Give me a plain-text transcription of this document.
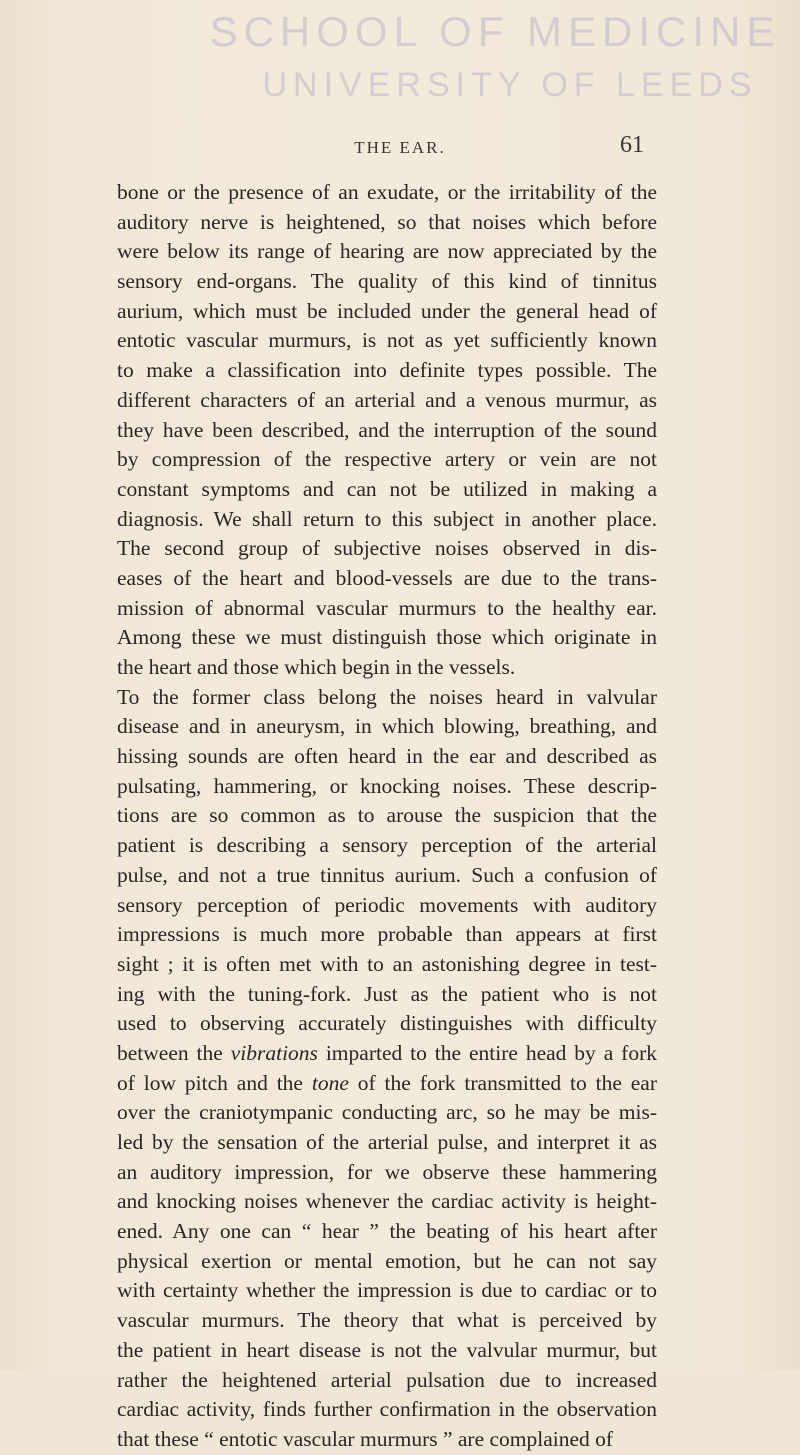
SCHOOL OF MEDICINE
UNIVERSITY OF LEEDS
THE EAR.	61
bone or the presence of an exudate, or the irritability of the
auditory nerve is heightened, so that noises which before
were below its range of hearing are now appreciated by the
sensory end-organs. The quality of this kind of tinnitus
aurium, which must be included under the general head of
entotic vascular murmurs, is not as yet sufficiently known
to make a classification into definite types possible. The
different characters of an arterial and a venous murmur, as
they have been described, and the interruption of the sound
by compression of the respective artery or vein are not
constant symptoms and can not be utilized in making a
diagnosis. We shall return to this subject in another place.
The second group of subjective noises observed in dis-
eases of the heart and blood-vessels are due to the trans-
mission of abnormal vascular murmurs to the healthy ear.
Among these we must distinguish those which originate in
the heart and those which begin in the vessels.
To the former class belong the noises heard in valvular
disease and in aneurysm, in which blowing, breathing, and
hissing sounds are often heard in the ear and described as
pulsating, hammering, or knocking noises. These descrip-
tions are so common as to arouse the suspicion that the
patient is describing a sensory perception of the arterial
pulse, and not a true tinnitus aurium. Such a confusion of
sensory perception of periodic movements with auditory
impressions is much more probable than appears at first
sight ; it is often met with to an astonishing degree in test-
ing with the tuning-fork. Just as the patient who is not
used to observing accurately distinguishes with difficulty
between the vibrations imparted to the entire head by a fork
of low pitch and the tone of the fork transmitted to the ear
over the craniotympanic conducting arc, so he may be mis-
led by the sensation of the arterial pulse, and interpret it as
an auditory impression, for we observe these hammering
and knocking noises whenever the cardiac activity is height-
ened. Any one can “ hear ” the beating of his heart after
physical exertion or mental emotion, but he can not say
with certainty whether the impression is due to cardiac or to
vascular murmurs. The theory that what is perceived by
the patient in heart disease is not the valvular murmur, but
rather the heightened arterial pulsation due to increased
cardiac activity, finds further confirmation in the observation
that these “ entotic vascular murmurs ” are complained of
